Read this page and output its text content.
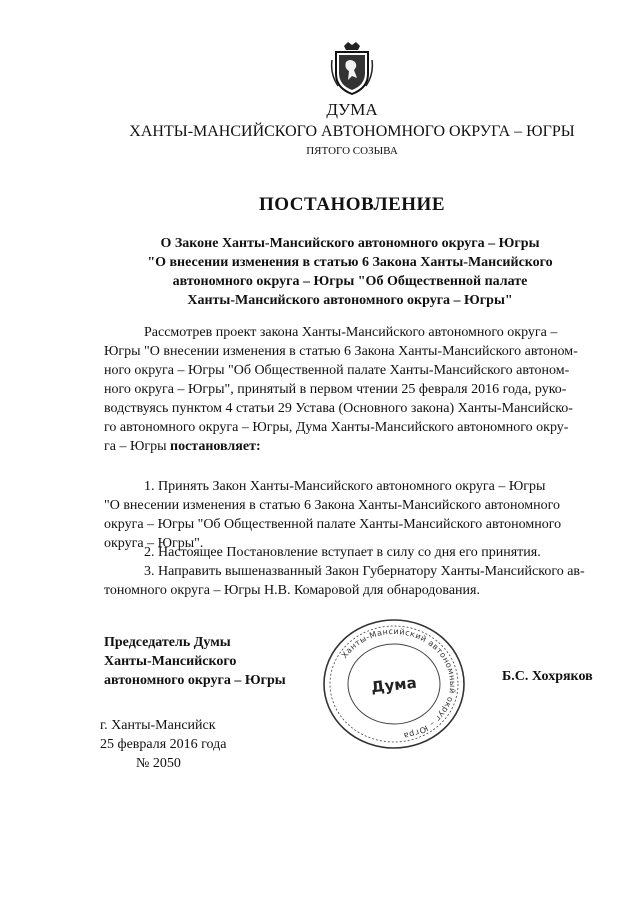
ДУМА
ХАНТЫ-МАНСИЙСКОГО АВТОНОМНОГО ОКРУГА – ЮГРЫ
ПЯТОГО СОЗЫВА
ПОСТАНОВЛЕНИЕ
О Законе Ханты-Мансийского автономного округа – Югры
"О внесении изменения в статью 6 Закона Ханты-Мансийского
автономного округа – Югры "Об Общественной палате
Ханты-Мансийского автономного округа – Югры"
Рассмотрев проект закона Ханты-Мансийского автономного округа –
Югры "О внесении изменения в статью 6 Закона Ханты-Мансийского автоном-
ного округа – Югры "Об Общественной палате Ханты-Мансийского автоном-
ного округа – Югры", принятый в первом чтении 25 февраля 2016 года, руко-
водствуясь пунктом 4 статьи 29 Устава (Основного закона) Ханты-Мансийско-
го автономного округа – Югры, Дума Ханты-Мансийского автономного окру-
га – Югры постановляет:
1. Принять Закон Ханты-Мансийского автономного округа – Югры
"О внесении изменения в статью 6 Закона Ханты-Мансийского автономного
округа – Югры "Об Общественной палате Ханты-Мансийского автономного
округа – Югры".
2. Настоящее Постановление вступает в силу со дня его принятия.
3. Направить вышеназванный Закон Губернатору Ханты-Мансийского ав-
тономного округа – Югры Н.В. Комаровой для обнародования.
Председатель Думы
Ханты-Мансийского
автономного округа – Югры
Ханты-Мансийский автономный округ – Югра
Дума	Б.С. Хохряков
г. Ханты-Мансийск
25 февраля 2016 года
№ 2050
